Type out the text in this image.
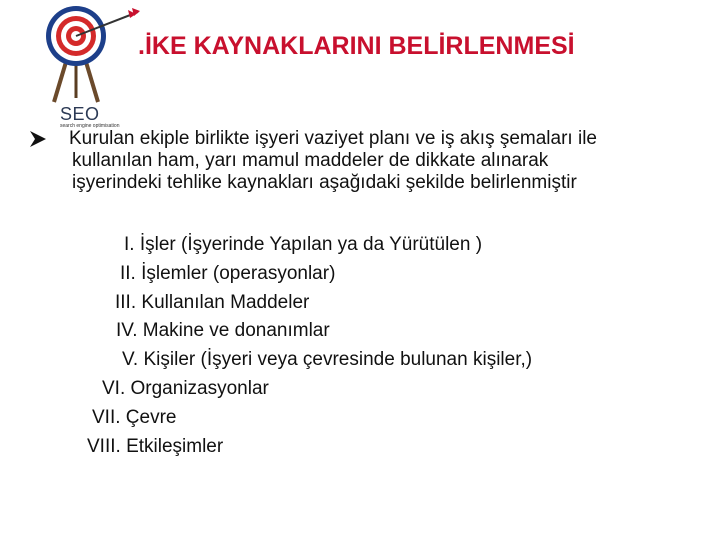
SEO
search engine optimisation
.İKE KAYNAKLARINI BELİRLENMESİ
Kurulan ekiple birlikte işyeri vaziyet planı ve iş akış şemaları ile
kullanılan ham, yarı mamul maddeler de dikkate alınarak
işyerindeki tehlike kaynakları aşağıdaki şekilde belirlenmiştir
I. İşler (İşyerinde Yapılan ya da Yürütülen )
II. İşlemler (operasyonlar)
III. Kullanılan Maddeler
IV. Makine ve donanımlar
V. Kişiler (İşyeri veya çevresinde bulunan kişiler,)
VI. Organizasyonlar
VII. Çevre
VIII. Etkileşimler
